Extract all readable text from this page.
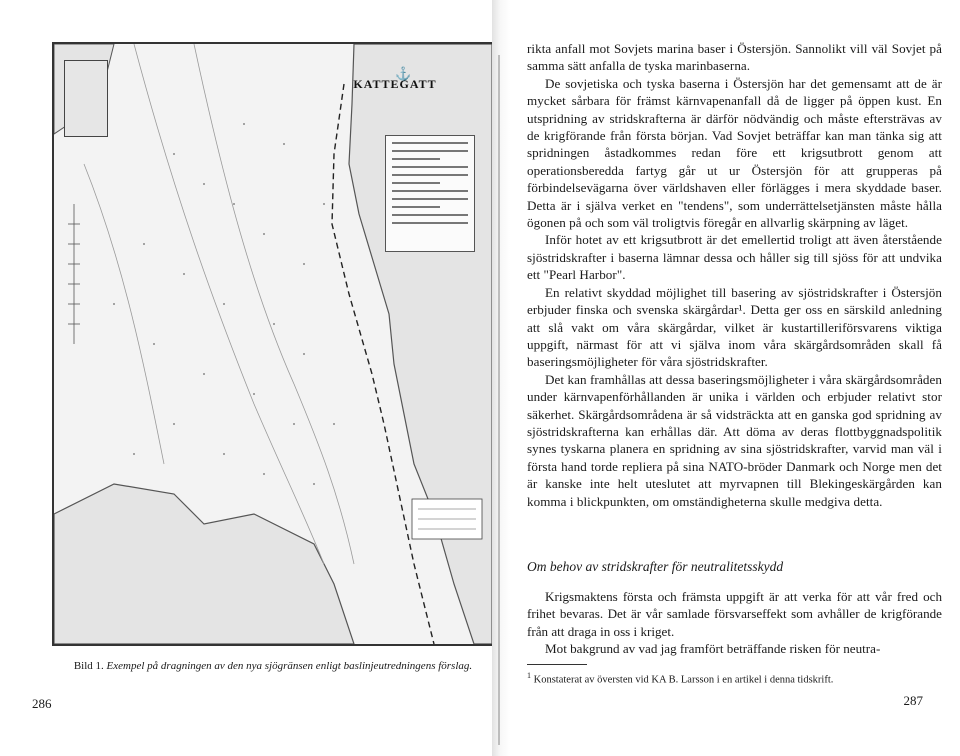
⚓
KATTEGATT
Bild 1. Exempel på dragningen av den nya sjögränsen enligt baslinjeutredningens förslag.
286

rikta anfall mot Sovjets marina baser i Östersjön. Sannolikt vill väl Sovjet på samma sätt anfalla de tyska marinbaserna.

De sovjetiska och tyska baserna i Östersjön har det gemensamt att de är mycket sårbara för främst kärnvapenanfall då de ligger på öppen kust. En utspridning av stridskrafterna är därför nödvändig och måste eftersträvas av de krigförande från första början. Vad Sovjet beträffar kan man tänka sig att spridningen åstadkommes redan före ett krigsutbrott genom att operationsberedda fartyg går ut ur Östersjön för att grupperas på förbindelsevägarna över världshaven eller förlägges i mera skyddade baser. Detta är i själva verket en "tendens", som underrättelsetjänsten måste hålla ögonen på och som väl troligtvis föregår en allvarlig skärpning av läget.

Inför hotet av ett krigsutbrott är det emellertid troligt att även återstående sjöstridskrafter i baserna lämnar dessa och håller sig till sjöss för att undvika ett "Pearl Harbor".

En relativt skyddad möjlighet till basering av sjöstridskrafter i Östersjön erbjuder finska och svenska skärgårdar¹. Detta ger oss en särskild anledning att slå vakt om våra skärgårdar, vilket är kustartilleriförsvarens viktiga uppgift, närmast för att vi själva inom våra skärgårdsområden skall få baseringsmöjligheter för våra sjöstridskrafter.

Det kan framhållas att dessa baseringsmöjligheter i våra skärgårdsområden under kärnvapenförhållanden är unika i världen och erbjuder relativt stor säkerhet. Skärgårdsområdena är så vidsträckta att en ganska god spridning av sjöstridskrafterna kan erhållas där. Att döma av deras flottbyggnadspolitik synes tyskarna planera en spridning av sina sjöstridskrafter, varvid man väl i första hand torde repliera på sina NATO-bröder Danmark och Norge men det är kanske inte helt uteslutet att myrvapnen till Blekingeskärgården kan komma i blickpunkten, om omständigheterna skulle medgiva detta.

Om behov av stridskrafter för neutralitetsskydd

Krigsmaktens första och främsta uppgift är att verka för att vår fred och frihet bevaras. Det är vår samlade försvarseffekt som avhåller de krigförande från att draga in oss i kriget.

Mot bakgrund av vad jag framfört beträffande risken för neutra-

$^1$ Konstaterat av översten vid KA B. Larsson i en artikel i denna tidskrift.
287
